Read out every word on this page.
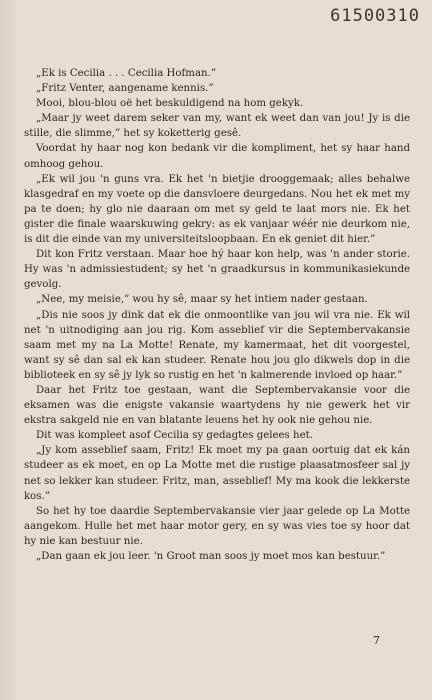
61500310

„Ek is Cecilia . . . Cecilia Hofman.”

„Fritz Venter, aangename kennis.”

Mooi, blou-blou oë het beskuldigend na hom gekyk.

„Maar jy weet darem seker van my, want ek weet dan van jou! Jy is die stille, die slimme,” het sy koketterig gesê.

Voordat hy haar nog kon bedank vir die kompliment, het sy haar hand omhoog gehou.

„Ek wil jou 'n guns vra. Ek het 'n bietjie drooggemaak; alles behalwe klasgedraf en my voete op die dansvloere deurgedans. Nou het ek met my pa te doen; hy glo nie daaraan om met sy geld te laat mors nie. Ek het gister die finale waarskuwing gekry: as ek vanjaar wéér nie deurkom nie, is dit die einde van my universiteitsloopbaan. En ek geniet dit hier.”

Dit kon Fritz verstaan. Maar hoe hý haar kon help, was 'n ander storie. Hy was 'n admissiestudent; sy het 'n graadkursus in kommunikasiekunde gevolg.

„Nee, my meisie,” wou hy sê, maar sy het intiem nader gestaan.

„Dis nie soos jy dink dat ek die onmoontlike van jou wil vra nie. Ek wil net 'n uitnodiging aan jou rig. Kom asseblief vir die Septembervakansie saam met my na La Motte! Renate, my kamermaat, het dit voorgestel, want sy sê dan sal ek kan studeer. Renate hou jou glo dikwels dop in die biblioteek en sy sê jy lyk so rustig en het 'n kalmerende invloed op haar.”

Daar het Fritz toe gestaan, want die Septembervakansie voor die eksamen was die enigste vakansie waartydens hy nie gewerk het vir ekstra sakgeld nie en van blatante leuens het hy ook nie gehou nie.

Dit was kompleet asof Cecilia sy gedagtes gelees het.

„Jy kom asseblief saam, Fritz! Ek moet my pa gaan oortuig dat ek kán studeer as ek moet, en op La Motte met die rustige plaasatmosfeer sal jy net so lekker kan studeer. Fritz, man, asseblief! My ma kook die lekkerste kos.”

So het hy toe daardie Septembervakansie vier jaar gelede op La Motte aangekom. Hulle het met haar motor gery, en sy was vies toe sy hoor dat hy nie kan bestuur nie.

„Dan gaan ek jou leer. 'n Groot man soos jy moet mos kan bestuur.”

7
